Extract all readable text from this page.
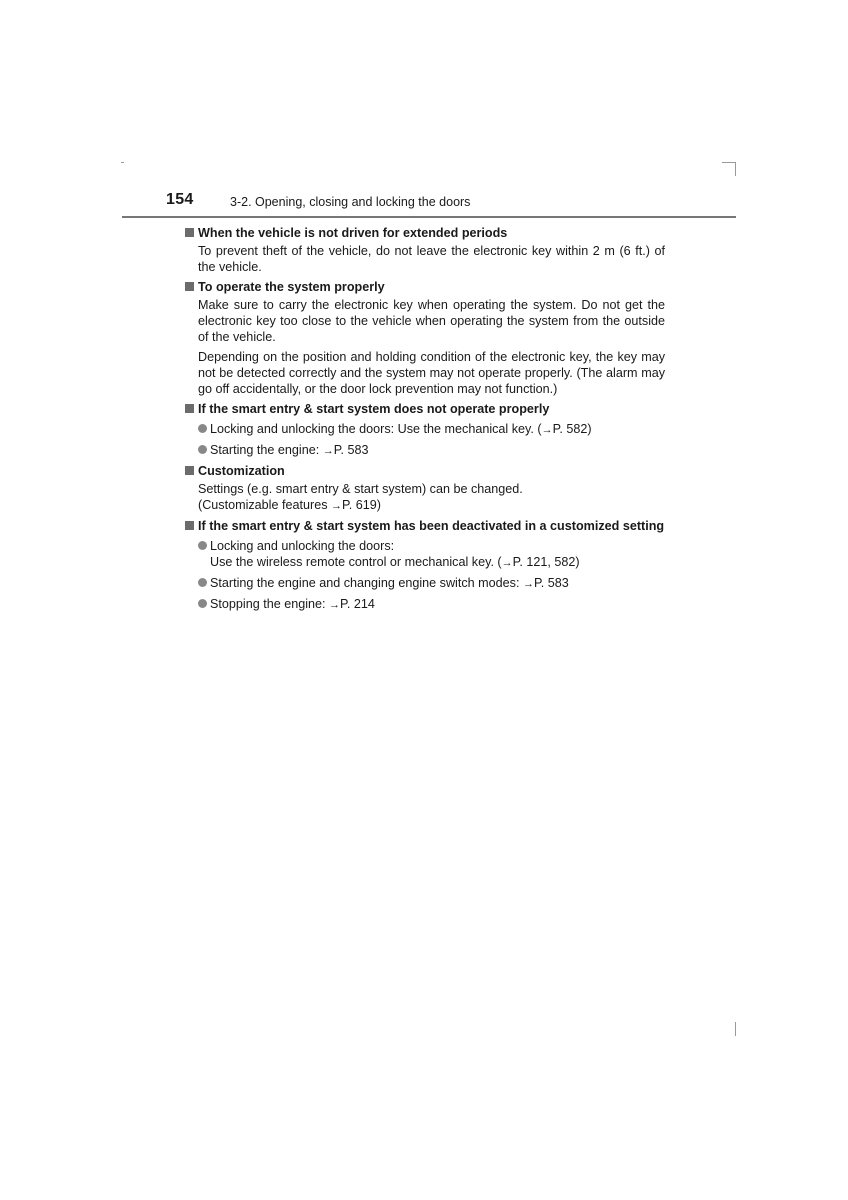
154	3-2. Opening, closing and locking the doors
When the vehicle is not driven for extended periods
To prevent theft of the vehicle, do not leave the electronic key within 2 m (6 ft.) of the vehicle.
To operate the system properly
Make sure to carry the electronic key when operating the system. Do not get the electronic key too close to the vehicle when operating the system from the outside of the vehicle.
Depending on the position and holding condition of the electronic key, the key may not be detected correctly and the system may not operate properly. (The alarm may go off accidentally, or the door lock prevention may not function.)
If the smart entry & start system does not operate properly
Locking and unlocking the doors: Use the mechanical key. (→P. 582)
Starting the engine: →P. 583
Customization
Settings (e.g. smart entry & start system) can be changed.
(Customizable features →P. 619)
If the smart entry & start system has been deactivated in a customized setting
Locking and unlocking the doors:
Use the wireless remote control or mechanical key. (→P. 121, 582)
Starting the engine and changing engine switch modes: →P. 583
Stopping the engine: →P. 214
